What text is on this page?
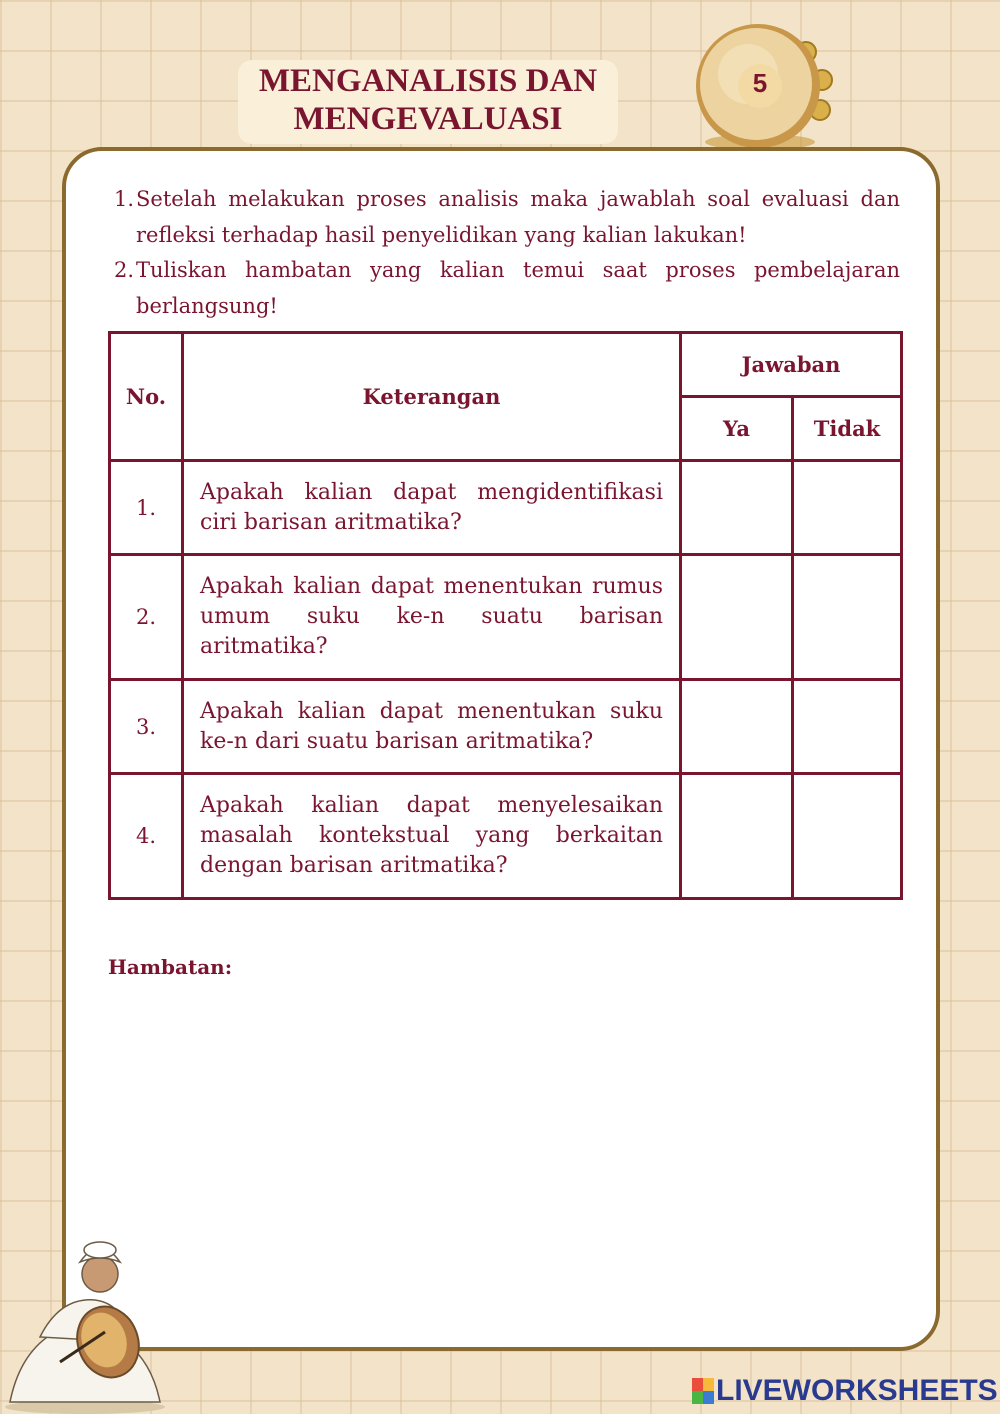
MENGANALISIS DAN
MENGEVALUASI
5
1. Setelah melakukan proses analisis maka jawablah soal evaluasi dan refleksi terhadap hasil penyelidikan yang kalian lakukan!
2. Tuliskan hambatan yang kalian temui saat proses pembelajaran berlangsung!
No.	Keterangan	Jawaban	
		Ya	Tidak
1.	Apakah kalian dapat mengidentifikasi ciri barisan aritmatika?		
2.	Apakah kalian dapat menentukan rumus umum suku ke-n suatu barisan aritmatika?		
3.	Apakah kalian dapat menentukan suku ke-n dari suatu barisan aritmatika?		
4.	Apakah kalian dapat menyelesaikan masalah kontekstual yang berkaitan dengan barisan aritmatika?		
Hambatan:
LIVEWORKSHEETS
